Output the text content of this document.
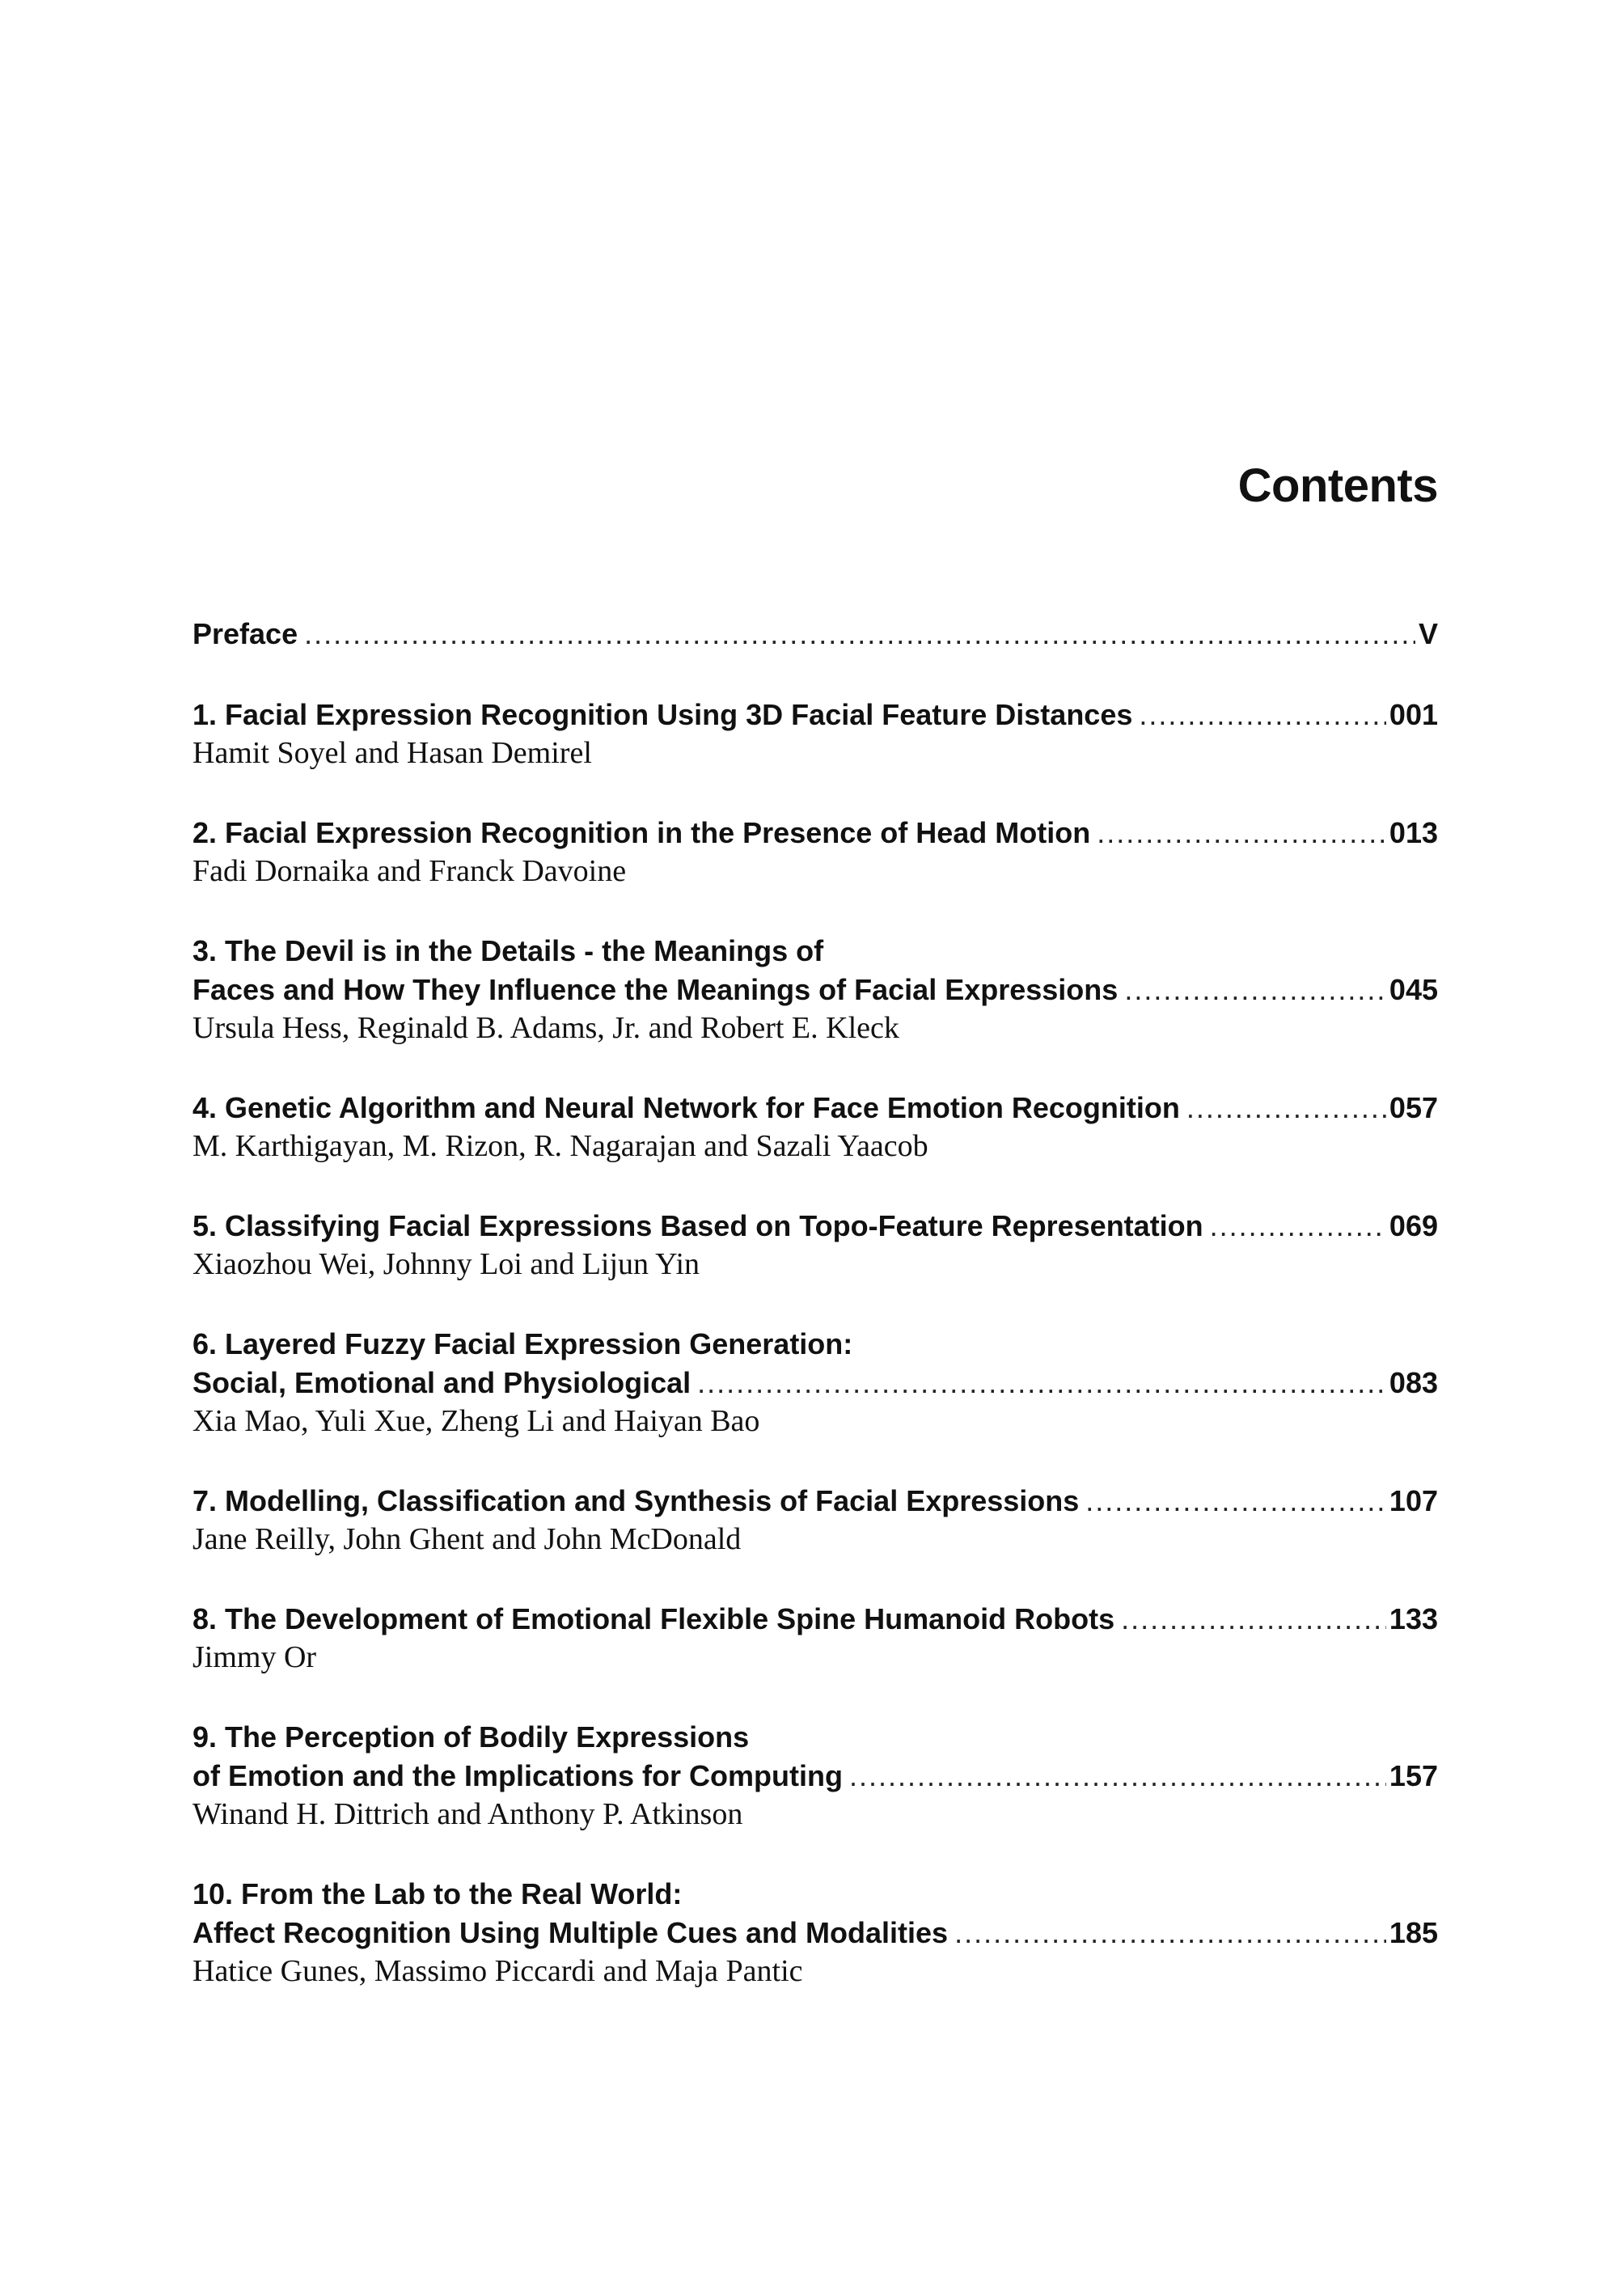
Contents
Preface .....	V
1. Facial Expression Recognition Using 3D Facial Feature Distances .....	001
Hamit Soyel and Hasan Demirel
2. Facial Expression Recognition in the Presence of Head Motion .....	013
Fadi Dornaika and Franck Davoine
3. The Devil is in the Details - the Meanings of
Faces and How They Influence the Meanings of Facial Expressions .....	045
Ursula Hess, Reginald B. Adams, Jr. and Robert E. Kleck
4. Genetic Algorithm and Neural Network for Face Emotion Recognition .....	057
M. Karthigayan, M. Rizon, R. Nagarajan and Sazali Yaacob
5. Classifying Facial Expressions Based on Topo-Feature Representation .....	069
Xiaozhou Wei, Johnny Loi and Lijun Yin
6. Layered Fuzzy Facial Expression Generation:
Social, Emotional and Physiological .....	083
Xia Mao, Yuli Xue, Zheng Li and Haiyan Bao
7. Modelling, Classification and Synthesis of Facial Expressions .....	107
Jane Reilly, John Ghent and John McDonald
8. The Development of Emotional Flexible Spine Humanoid Robots .....	133
Jimmy Or
9. The Perception of Bodily Expressions
of Emotion and the Implications for Computing .....	157
Winand H. Dittrich and Anthony P. Atkinson
10. From the Lab to the Real World:
Affect Recognition Using Multiple Cues and Modalities .....	185
Hatice Gunes, Massimo Piccardi and Maja Pantic
